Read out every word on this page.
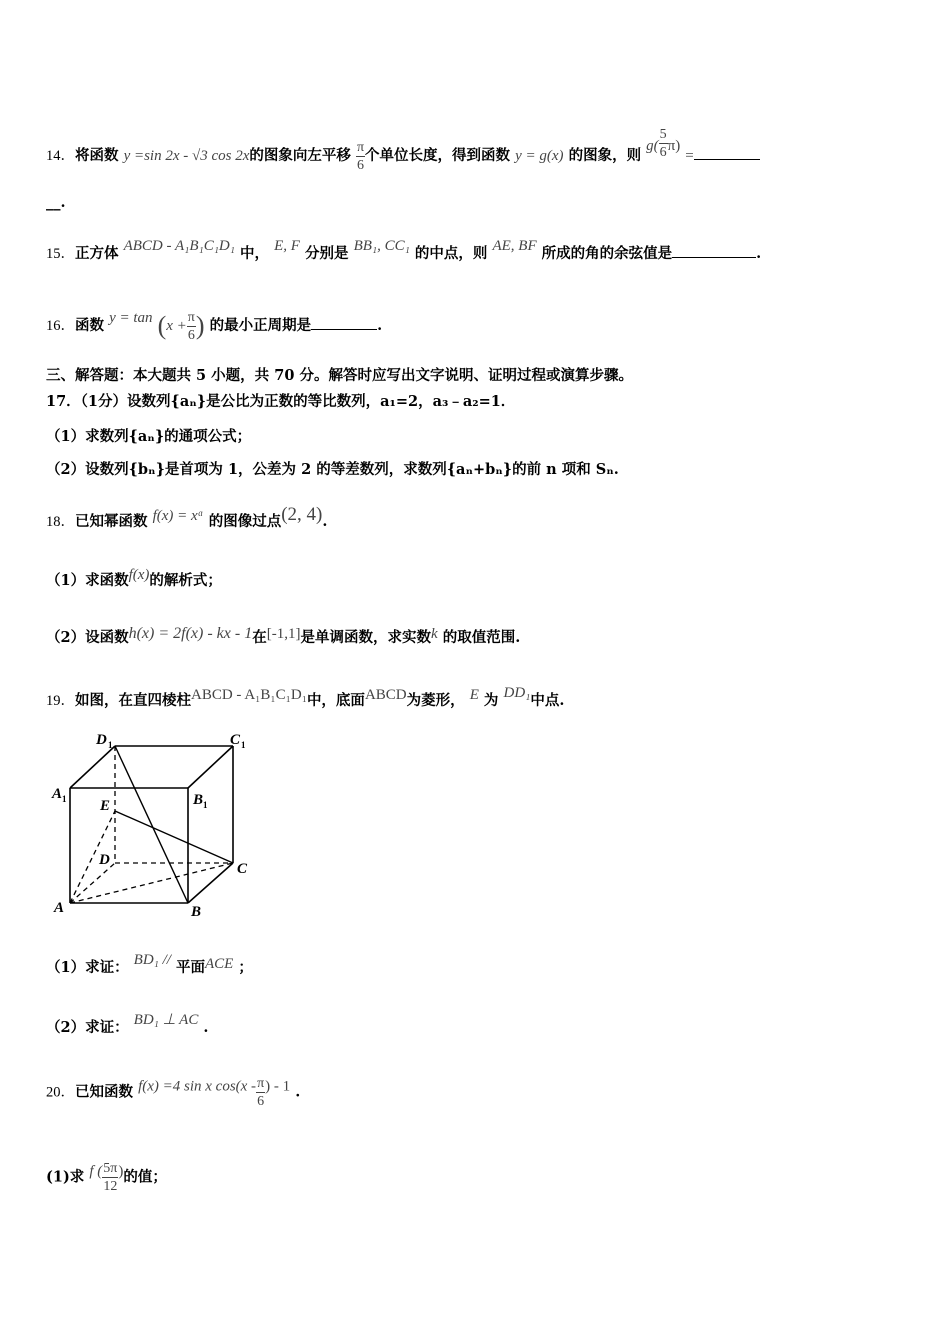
14．将函数 y =sin 2x - √3 cos 2x的图象向左平移 $\frac{\pi}{6}$ 个单位长度，得到函数 y = g(x) 的图象，则 $g( \frac{5}{6} \pi)$ =
__.
15．正方体 ABCD - A₁B₁C₁D₁ 中， E, F 分别是 BB₁, CC₁ 的中点，则 AE, BF 所成的角的余弦值是	.
16．函数 $y = \tan (x + \frac{\pi}{6}$ ) 的最小正周期是	.
三、解答题：本大题共 5 小题，共 70 分。解答时应写出文字说明、证明过程或演算步骤。
17．（1分）设数列{aₙ}是公比为正数的等比数列，a₁=2，a₃﹣a₂=1．
（1）求数列{aₙ}的通项公式；
（2）设数列{bₙ}是首项为 1，公差为 2 的等差数列，求数列{aₙ+bₙ}的前 n 项和 Sₙ.
18．已知幂函数 f(x) = xᵅ 的图像过点(2, 4).
（1）求函数f(x)的解析式；
（2）设函数h(x) = 2f(x) - kx - 1在[-1,1]是单调函数，求实数k 的取值范围.
19．如图，在直四棱柱ABCD - A₁B₁C₁D₁中，底面ABCD为菱形， E 为 DD₁中点.
D 1	C 1
A 1	B 1
E
D
C
A	B
（1）求证： BD₁ // 平面ACE ；
（2）求证： BD₁ ⊥ AC .
20．已知函数 f(x) =4 sin x $\cos(x - \frac{\pi}{6}$ ) - 1 .
(1)求 f ( $\frac{5\pi}{12}$ )的值；
